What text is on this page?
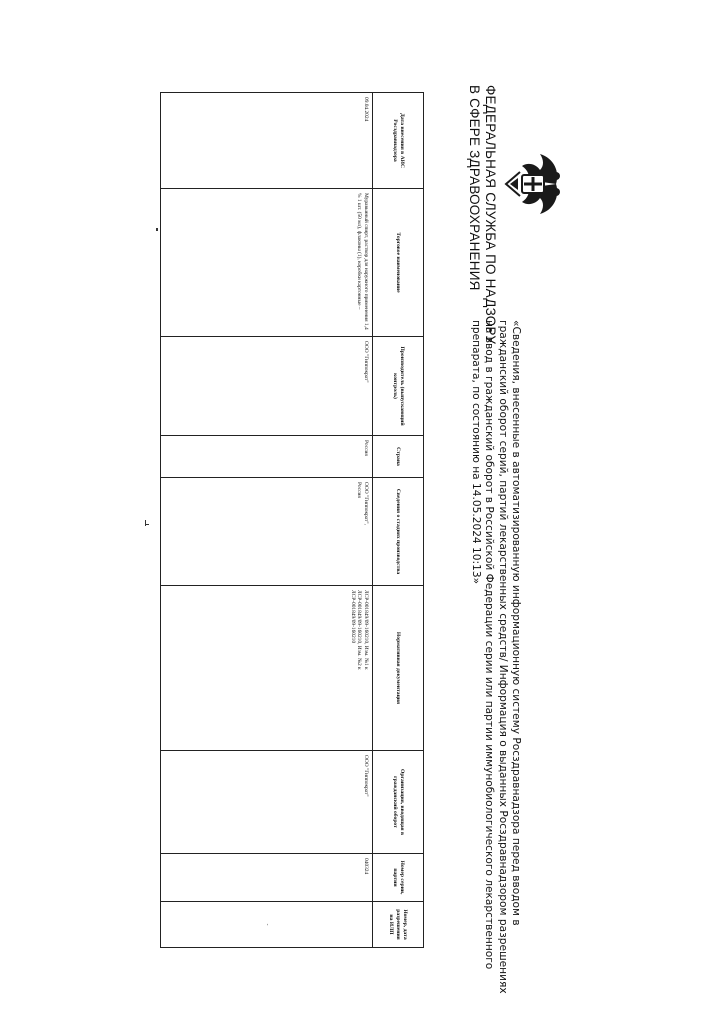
ФЕДЕРАЛЬНАЯ СЛУЖБА ПО НАДЗОРУ
В СФЕРЕ ЗДРАВООХРАНЕНИЯ
«Сведения, внесенные в автоматизированную информационную систему Росздравнадзора перед вводом в
гражданский оборот серий, партий лекарственных средств/ Информация о выданных Росздравнадзором разрешениях
на ввод в гражданский оборот в Российской Федерации серии или партии иммунобиологического лекарственного
препарата, по состоянию на 14.05.2024 10:13»
Дата внесения в АИС Росздравнадзора	Торговое наименование	Производитель (выпускающий контроль)	Страна	Сведения о стадиях производства	Нормативная документация	Организация, вводящая в гражданский оборот	Номер серии, партии	Номер, дата разрешения на ИЛП
09.04.2024	Муравьиный спирт, раствор для наружного применения 1,4 % 1 шт. (50 мл), флаконы (1), коробки картонные –	ООО "Гиппократ"	Россия	ООО "Гиппократ",
Россия	ЛСР-001849/09-160210, Изм. №1 к
ЛСР-001849/09-160210, Изм. №2 к
ЛСР-001849/09-160210	ООО "Гиппократ"	040324	-
